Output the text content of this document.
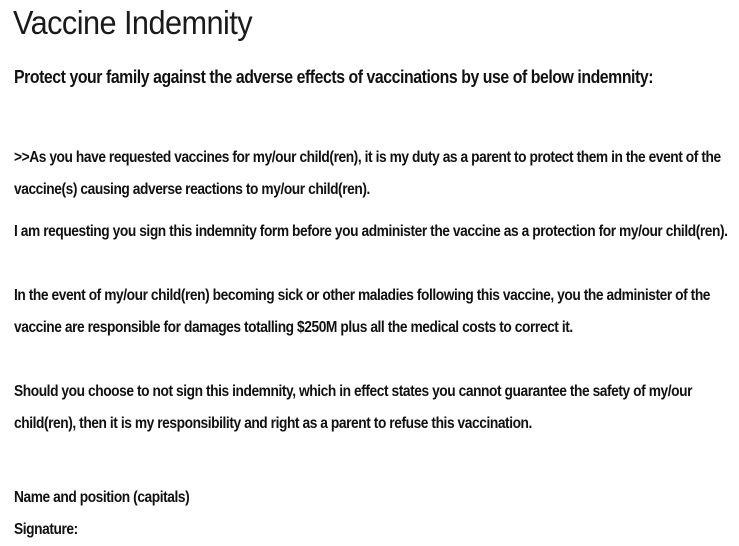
Vaccine Indemnity

Protect your family against the adverse effects of vaccinations by use of below indemnity:

>>As you have requested vaccines for my/our child(ren), it is my duty as a parent to protect them in the event of the vaccine(s) causing adverse reactions to my/our child(ren).

I am requesting you sign this indemnity form before you administer the vaccine as a protection for my/our child(ren).

In the event of my/our child(ren) becoming sick or other maladies following this vaccine, you the administer of the vaccine are responsible for damages totalling $250M plus all the medical costs to correct it.

Should you choose to not sign this indemnity, which in effect states you cannot guarantee the safety of my/our child(ren), then it is my responsibility and right as a parent to refuse this vaccination.

Name and position (capitals)

Signature:
